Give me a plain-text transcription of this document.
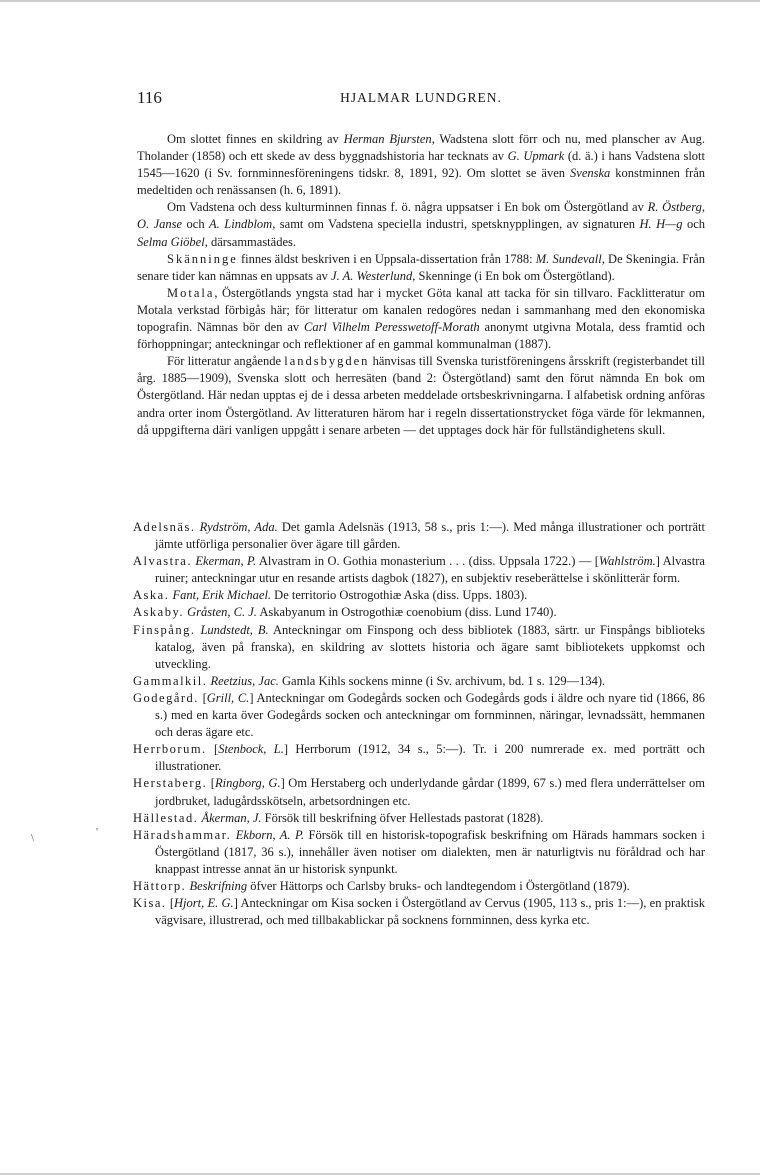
116	HJALMAR LUNDGREN.

Om slottet finnes en skildring av Herman Bjursten, Wadstena slott förr och nu, med planscher av Aug. Tholander (1858) och ett skede av dess byggnadshistoria har tecknats av G. Upmark (d. ä.) i hans Vadstena slott 1545—1620 (i Sv. fornminnesföreningens tidskr. 8, 1891, 92). Om slottet se även Svenska konstminnen från medeltiden och renässansen (h. 6, 1891).

Om Vadstena och dess kulturminnen finnas f. ö. några uppsatser i En bok om Östergötland av R. Östberg, O. Janse och A. Lindblom, samt om Vadstena speciella industri, spetsknypplingen, av signaturen H. H—g och Selma Giöbel, därsammastädes.

Skänninge finnes äldst beskriven i en Uppsala-dissertation från 1788: M. Sundevall, De Skeningia. Från senare tider kan nämnas en uppsats av J. A. Westerlund, Skenninge (i En bok om Östergötland).

Motala, Östergötlands yngsta stad har i mycket Göta kanal att tacka för sin tillvaro. Facklitteratur om Motala verkstad förbigås här; för litteratur om kanalen redogöres nedan i sammanhang med den ekonomiska topografin. Nämnas bör den av Carl Vilhelm Peresswetoff-Morath anonymt utgivna Motala, dess framtid och förhoppningar; anteckningar och reflektioner af en gammal kommunalman (1887).

För litteratur angående landsbygden hänvisas till Svenska turistföreningens årsskrift (registerbandet till årg. 1885—1909), Svenska slott och herresäten (band 2: Östergötland) samt den förut nämnda En bok om Östergötland. Här nedan upptas ej de i dessa arbeten meddelade ortsbeskrivningarna. I alfabetisk ordning anföras andra orter inom Östergötland. Av litteraturen härom har i regeln dissertationstrycket föga värde för lekmannen, då uppgifterna däri vanligen uppgått i senare arbeten — det upptages dock här för fullständighetens skull.

Adelsnäs. Rydström, Ada. Det gamla Adelsnäs (1913, 58 s., pris 1:—). Med många illustrationer och porträtt jämte utförliga personalier över ägare till gården.

Alvastra. Ekerman, P. Alvastram in O. Gothia monasterium . . . (diss. Uppsala 1722.) — [Wahlström.] Alvastra ruiner; anteckningar utur en resande artists dagbok (1827), en subjektiv reseberättelse i skönlitterär form.

Aska. Fant, Erik Michael. De territorio Ostrogothiæ Aska (diss. Upps. 1803).

Askaby. Gråsten, C. J. Askabyanum in Ostrogothiæ coenobium (diss. Lund 1740).

Finspång. Lundstedt, B. Anteckningar om Finspong och dess bibliotek (1883, särtr. ur Finspångs biblioteks katalog, även på franska), en skildring av slottets historia och ägare samt bibliotekets uppkomst och utveckling.

Gammalkil. Reetzius, Jac. Gamla Kihls sockens minne (i Sv. archivum, bd. 1 s. 129—134).

Godegård. [Grill, C.] Anteckningar om Godegårds socken och Godegårds gods i äldre och nyare tid (1866, 86 s.) med en karta över Godegårds socken och anteckningar om fornminnen, näringar, levnadssätt, hemmanen och deras ägare etc.

Herrborum. [Stenbock, L.] Herrborum (1912, 34 s., 5:—). Tr. i 200 numrerade ex. med porträtt och illustrationer.

Herstaberg. [Ringborg, G.] Om Herstaberg och underlydande gårdar (1899, 67 s.) med flera underrättelser om jordbruket, ladugårdsskötseln, arbetsordningen etc.

Hällestad. Åkerman, J. Försök till beskrifning öfver Hellestads pastorat (1828).

Häradshammar. Ekborn, A. P. Försök till en historisk-topografisk beskrifning om Härads hammars socken i Östergötland (1817, 36 s.), innehåller även notiser om dialekten, men är naturligtvis nu föråldrad och har knappast intresse annat än ur historisk synpunkt.

Hättorp. Beskrifning öfver Hättorps och Carlsby bruks- och landtegendom i Östergötland (1879).

Kisa. [Hjort, E. G.] Anteckningar om Kisa socken i Östergötland av Cervus (1905, 113 s., pris 1:—), en praktisk vägvisare, illustrerad, och med tillbakablickar på socknens fornminnen, dess kyrka etc.

\	'
